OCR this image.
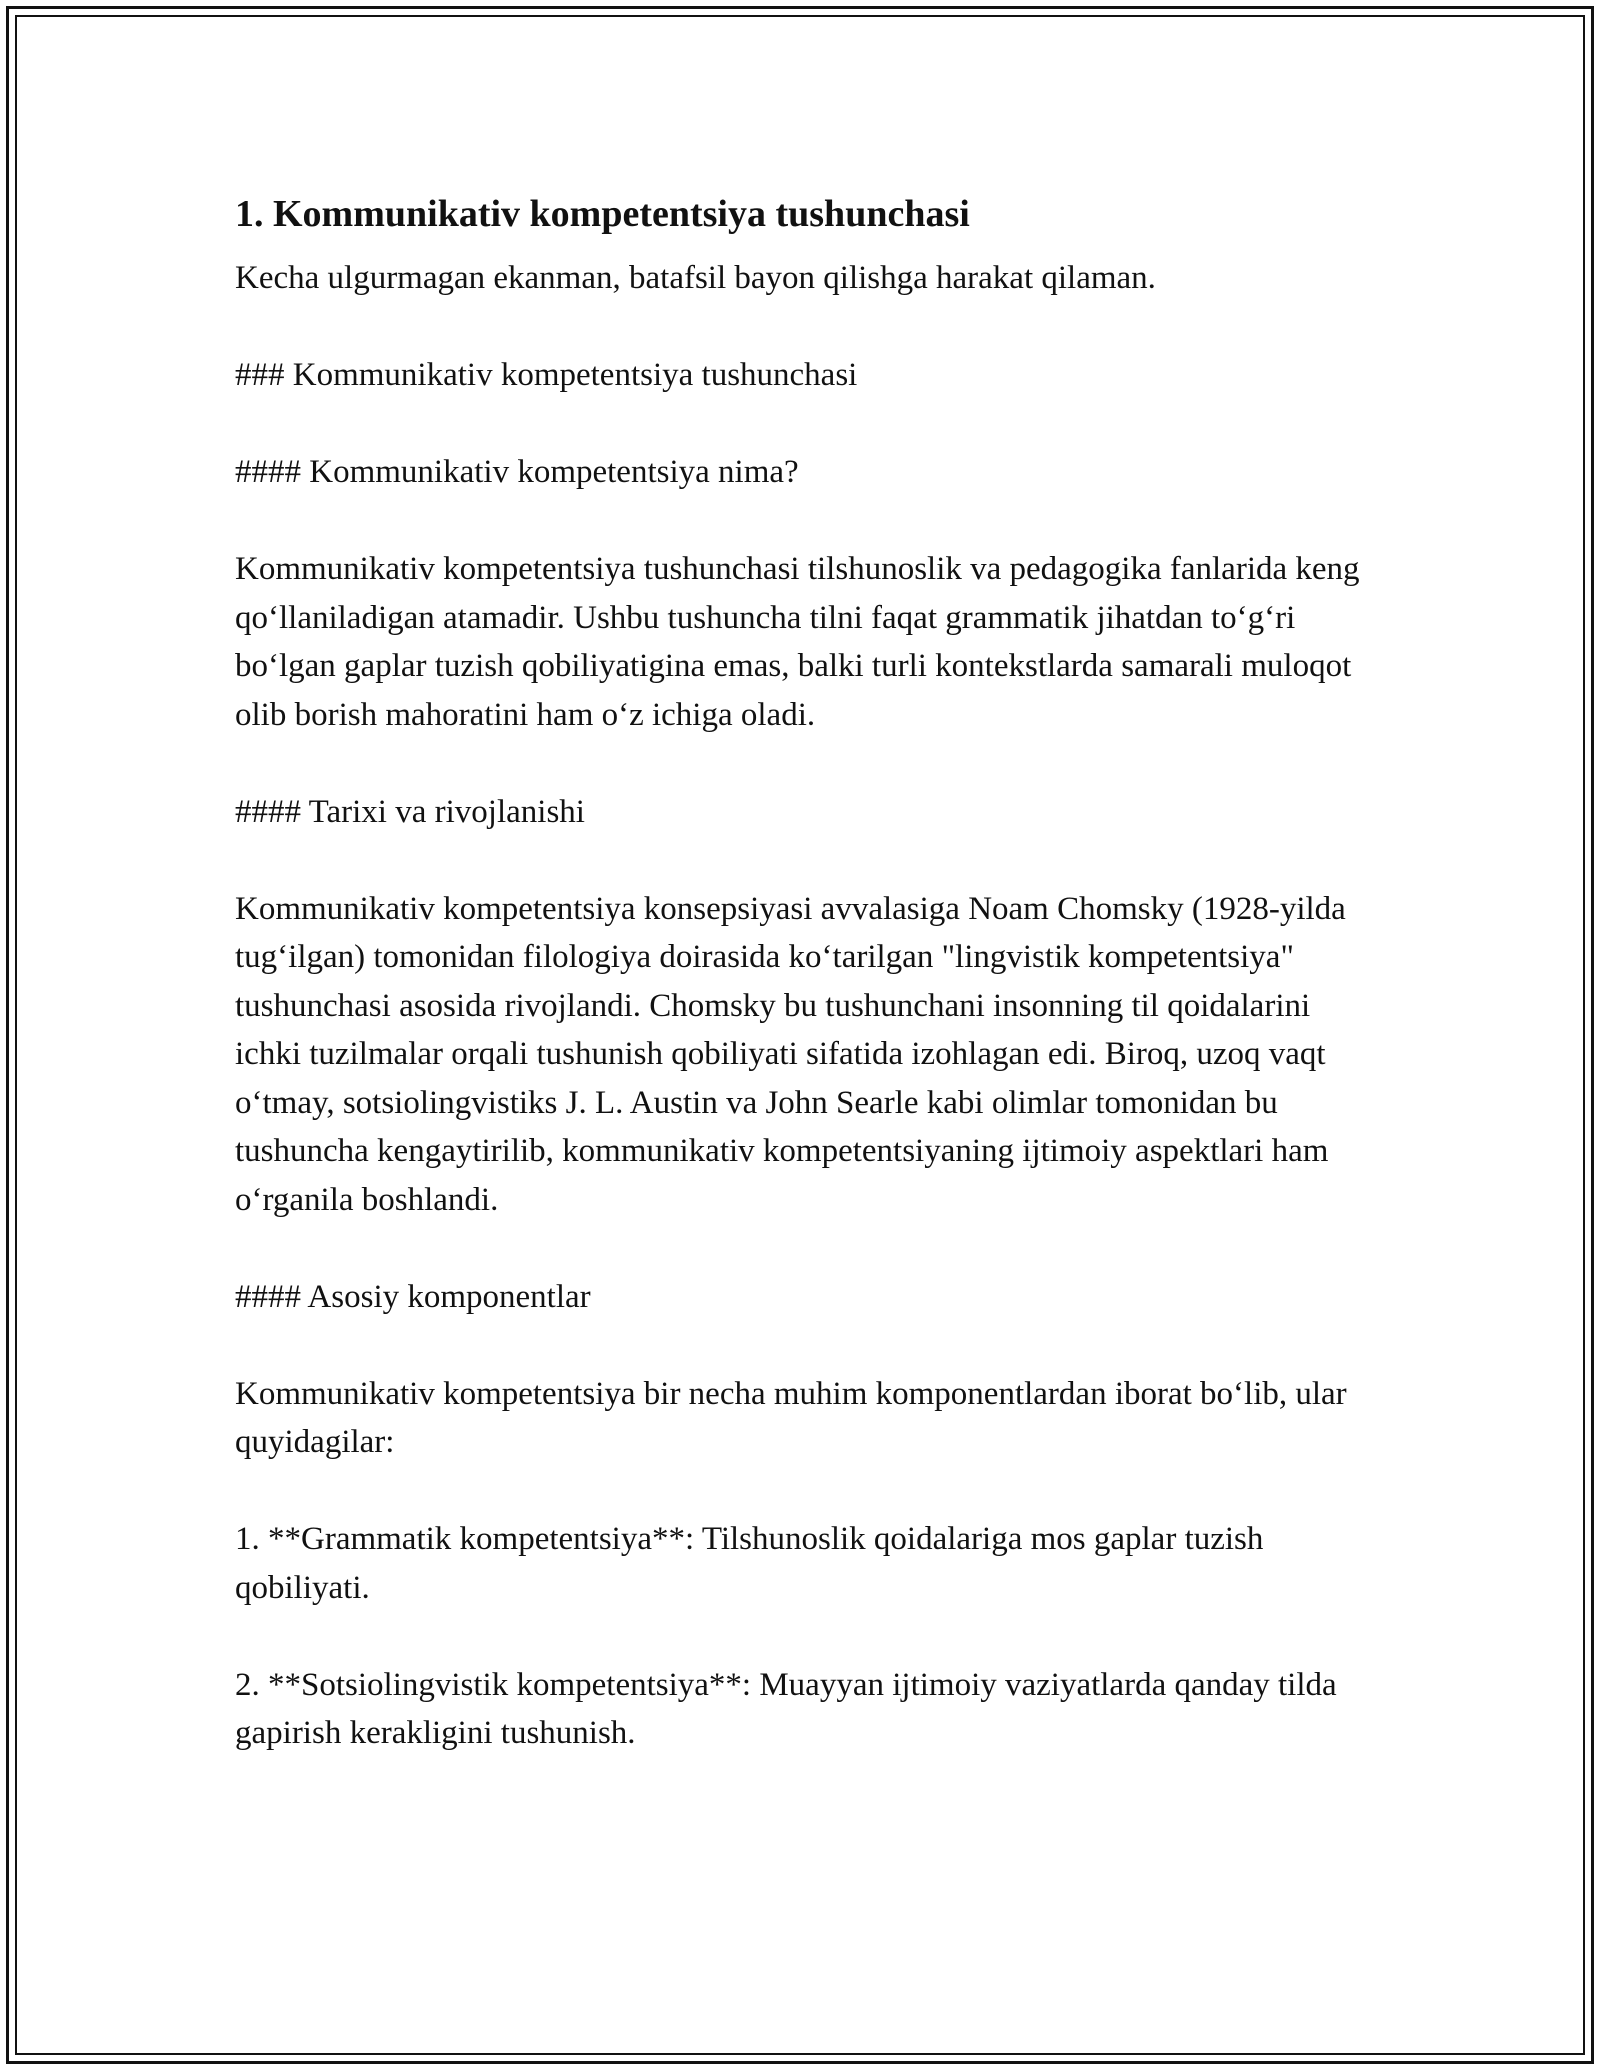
1. Kommunikativ kompetentsiya tushunchasi

Kecha ulgurmagan ekanman, batafsil bayon qilishga harakat qilaman.

### Kommunikativ kompetentsiya tushunchasi

#### Kommunikativ kompetentsiya nima?

Kommunikativ kompetentsiya tushunchasi tilshunoslik va pedagogika fanlarida keng qo‘llaniladigan atamadir. Ushbu tushuncha tilni faqat grammatik jihatdan to‘g‘ri bo‘lgan gaplar tuzish qobiliyatigina emas, balki turli kontekstlarda samarali muloqot olib borish mahoratini ham o‘z ichiga oladi.

#### Tarixi va rivojlanishi

Kommunikativ kompetentsiya konsepsiyasi avvalasiga Noam Chomsky (1928-yilda tug‘ilgan) tomonidan filologiya doirasida ko‘tarilgan "lingvistik kompetentsiya" tushunchasi asosida rivojlandi. Chomsky bu tushunchani insonning til qoidalarini ichki tuzilmalar orqali tushunish qobiliyati sifatida izohlagan edi. Biroq, uzoq vaqt o‘tmay, sotsiolingvistiks J. L. Austin va John Searle kabi olimlar tomonidan bu tushuncha kengaytirilib, kommunikativ kompetentsiyaning ijtimoiy aspektlari ham o‘rganila boshlandi.

#### Asosiy komponentlar

Kommunikativ kompetentsiya bir necha muhim komponentlardan iborat bo‘lib, ular quyidagilar:

1. **Grammatik kompetentsiya**: Tilshunoslik qoidalariga mos gaplar tuzish qobiliyati.

2. **Sotsiolingvistik kompetentsiya**: Muayyan ijtimoiy vaziyatlarda qanday tilda gapirish kerakligini tushunish.
